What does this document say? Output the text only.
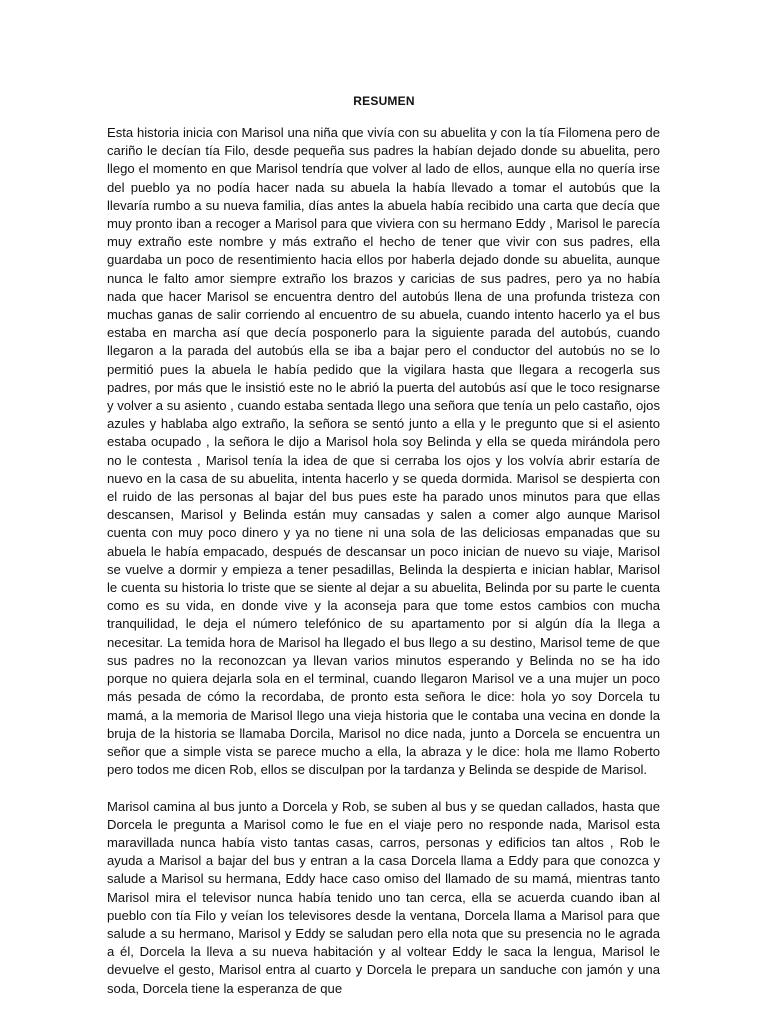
RESUMEN

Esta historia inicia con Marisol una niña que vivía con su abuelita y con la tía Filomena pero de cariño le decían tía Filo, desde pequeña sus padres la habían dejado donde su abuelita, pero llego el momento en que Marisol tendría que volver al lado de ellos, aunque ella no quería irse del pueblo ya no podía hacer nada su abuela la había llevado a tomar el autobús que la llevaría rumbo a su nueva familia, días antes la abuela había recibido una carta que decía que muy pronto iban a recoger a Marisol para que viviera con su hermano Eddy , Marisol le parecía muy extraño este nombre y más extraño el hecho de tener que vivir con sus padres, ella guardaba un poco de resentimiento hacia ellos por haberla dejado donde su abuelita, aunque nunca le falto amor siempre extraño los brazos y caricias de sus padres, pero ya no había nada que hacer Marisol se encuentra dentro del autobús llena de una profunda tristeza con muchas ganas de salir corriendo al encuentro de su abuela, cuando intento hacerlo ya el bus estaba en marcha así que decía posponerlo para la siguiente parada del autobús, cuando llegaron a la parada del autobús ella se iba a bajar pero el conductor del autobús no se lo permitió pues la abuela le había pedido que la vigilara hasta que llegara a recogerla sus padres, por más que le insistió este no le abrió la puerta del autobús así que le toco resignarse y volver a su asiento , cuando estaba sentada llego una señora que tenía un pelo castaño, ojos azules y hablaba algo extraño, la señora se sentó junto a ella y le pregunto que si el asiento estaba ocupado , la señora le dijo a Marisol hola soy Belinda y ella se queda mirándola pero no le contesta , Marisol tenía la idea de que si cerraba los ojos y los volvía abrir estaría de nuevo en la casa de su abuelita, intenta hacerlo y se queda dormida. Marisol se despierta con el ruido de las personas al bajar del bus pues este ha parado unos minutos para que ellas descansen, Marisol y Belinda están muy cansadas y salen a comer algo aunque Marisol cuenta con muy poco dinero y ya no tiene ni una sola de las deliciosas empanadas que su abuela le había empacado, después de descansar un poco inician de nuevo su viaje, Marisol se vuelve a dormir y empieza a tener pesadillas, Belinda la despierta e inician hablar, Marisol le cuenta su historia lo triste que se siente al dejar a su abuelita, Belinda por su parte le cuenta como es su vida, en donde vive y la aconseja para que tome estos cambios con mucha tranquilidad, le deja el número telefónico de su apartamento por si algún día la llega a necesitar. La temida hora de Marisol ha llegado el bus llego a su destino, Marisol teme de que sus padres no la reconozcan ya llevan varios minutos esperando y Belinda no se ha ido porque no quiera dejarla sola en el terminal, cuando llegaron Marisol ve a una mujer un poco más pesada de cómo la recordaba, de pronto esta señora le dice: hola yo soy Dorcela tu mamá, a la memoria de Marisol llego una vieja historia que le contaba una vecina en donde la bruja de la historia se llamaba Dorcila, Marisol no dice nada, junto a Dorcela se encuentra un señor que a simple vista se parece mucho a ella, la abraza y le dice: hola me llamo Roberto pero todos me dicen Rob, ellos se disculpan por la tardanza y Belinda se despide de Marisol.

Marisol camina al bus junto a Dorcela y Rob, se suben al bus y se quedan callados, hasta que Dorcela le pregunta a Marisol como le fue en el viaje pero no responde nada, Marisol esta maravillada nunca había visto tantas casas, carros, personas y edificios tan altos , Rob le ayuda a Marisol a bajar del bus y entran a la casa Dorcela llama a Eddy para que conozca y salude a Marisol su hermana, Eddy hace caso omiso del llamado de su mamá, mientras tanto Marisol mira el televisor nunca había tenido uno tan cerca, ella se acuerda cuando iban al pueblo con tía Filo y veían los televisores desde la ventana, Dorcela llama a Marisol para que salude a su hermano, Marisol y Eddy se saludan pero ella nota que su presencia no le agrada a él, Dorcela la lleva a su nueva habitación y al voltear Eddy le saca la lengua, Marisol le devuelve el gesto, Marisol entra al cuarto y Dorcela le prepara un sanduche con jamón y una soda, Dorcela tiene la esperanza de que
